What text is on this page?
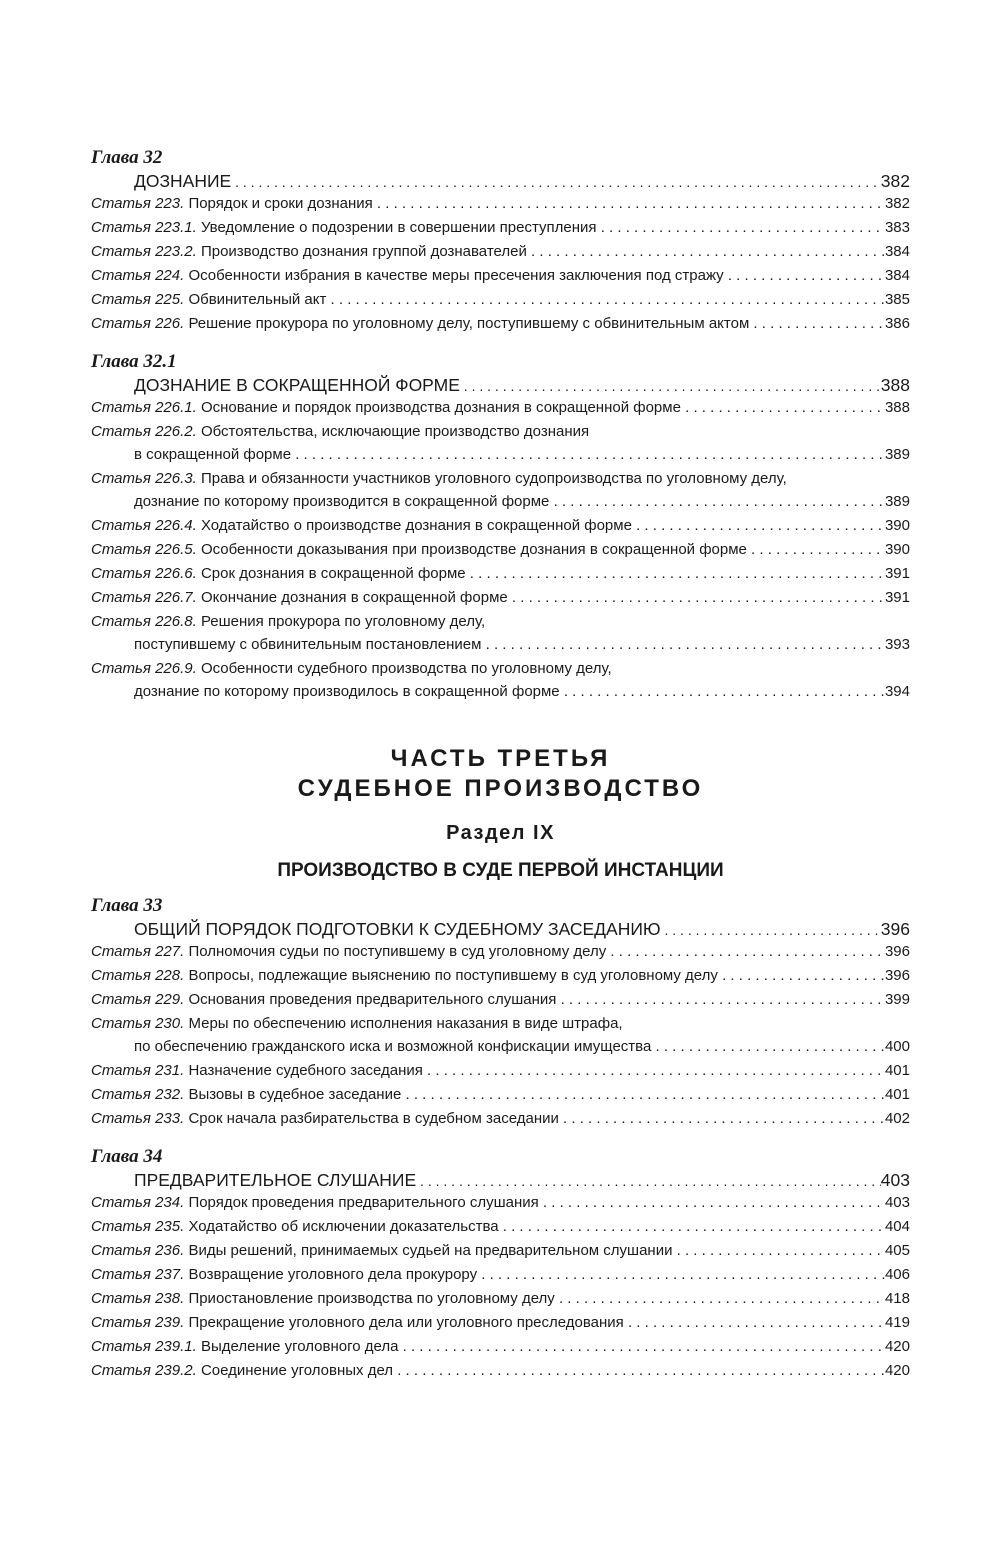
Глава 32
ДОЗНАНИЕ . . .	382
Статья 223. Порядок и сроки дознания . . .	382
Статья 223.1. Уведомление о подозрении в совершении преступления . . .	383
Статья 223.2. Производство дознания группой дознавателей . . .	384
Статья 224. Особенности избрания в качестве меры пресечения заключения под стражу . . .	384
Статья 225. Обвинительный акт . . .	385
Статья 226. Решение прокурора по уголовному делу, поступившему с обвинительным актом . . .	386
Глава 32.1
ДОЗНАНИЕ В СОКРАЩЕННОЙ ФОРМЕ . . .	388
Статья 226.1. Основание и порядок производства дознания в сокращенной форме . . .	388
Статья 226.2. Обстоятельства, исключающие производство дознания
в сокращенной форме . . .	389
Статья 226.3. Права и обязанности участников уголовного судопроизводства по уголовному делу,
дознание по которому производится в сокращенной форме . . .	389
Статья 226.4. Ходатайство о производстве дознания в сокращенной форме . . .	390
Статья 226.5. Особенности доказывания при производстве дознания в сокращенной форме . . .	390
Статья 226.6. Срок дознания в сокращенной форме . . .	391
Статья 226.7. Окончание дознания в сокращенной форме . . .	391
Статья 226.8. Решения прокурора по уголовному делу,
поступившему с обвинительным постановлением . . .	393
Статья 226.9. Особенности судебного производства по уголовному делу,
дознание по которому производилось в сокращенной форме . . .	394
ЧАСТЬ ТРЕТЬЯ
СУДЕБНОЕ ПРОИЗВОДСТВО
Раздел IX
ПРОИЗВОДСТВО В СУДЕ ПЕРВОЙ ИНСТАНЦИИ
Глава 33
ОБЩИЙ ПОРЯДОК ПОДГОТОВКИ К СУДЕБНОМУ ЗАСЕДАНИЮ . . .	396
Статья 227. Полномочия судьи по поступившему в суд уголовному делу . . .	396
Статья 228. Вопросы, подлежащие выяснению по поступившему в суд уголовному делу . . .	396
Статья 229. Основания проведения предварительного слушания . . .	399
Статья 230. Меры по обеспечению исполнения наказания в виде штрафа,
по обеспечению гражданского иска и возможной конфискации имущества . . .	400
Статья 231. Назначение судебного заседания . . .	401
Статья 232. Вызовы в судебное заседание . . .	401
Статья 233. Срок начала разбирательства в судебном заседании . . .	402
Глава 34
ПРЕДВАРИТЕЛЬНОЕ СЛУШАНИЕ . . .	403
Статья 234. Порядок проведения предварительного слушания . . .	403
Статья 235. Ходатайство об исключении доказательства . . .	404
Статья 236. Виды решений, принимаемых судьей на предварительном слушании . . .	405
Статья 237. Возвращение уголовного дела прокурору . . .	406
Статья 238. Приостановление производства по уголовному делу . . .	418
Статья 239. Прекращение уголовного дела или уголовного преследования . . .	419
Статья 239.1. Выделение уголовного дела . . .	420
Статья 239.2. Соединение уголовных дел . . .	420
